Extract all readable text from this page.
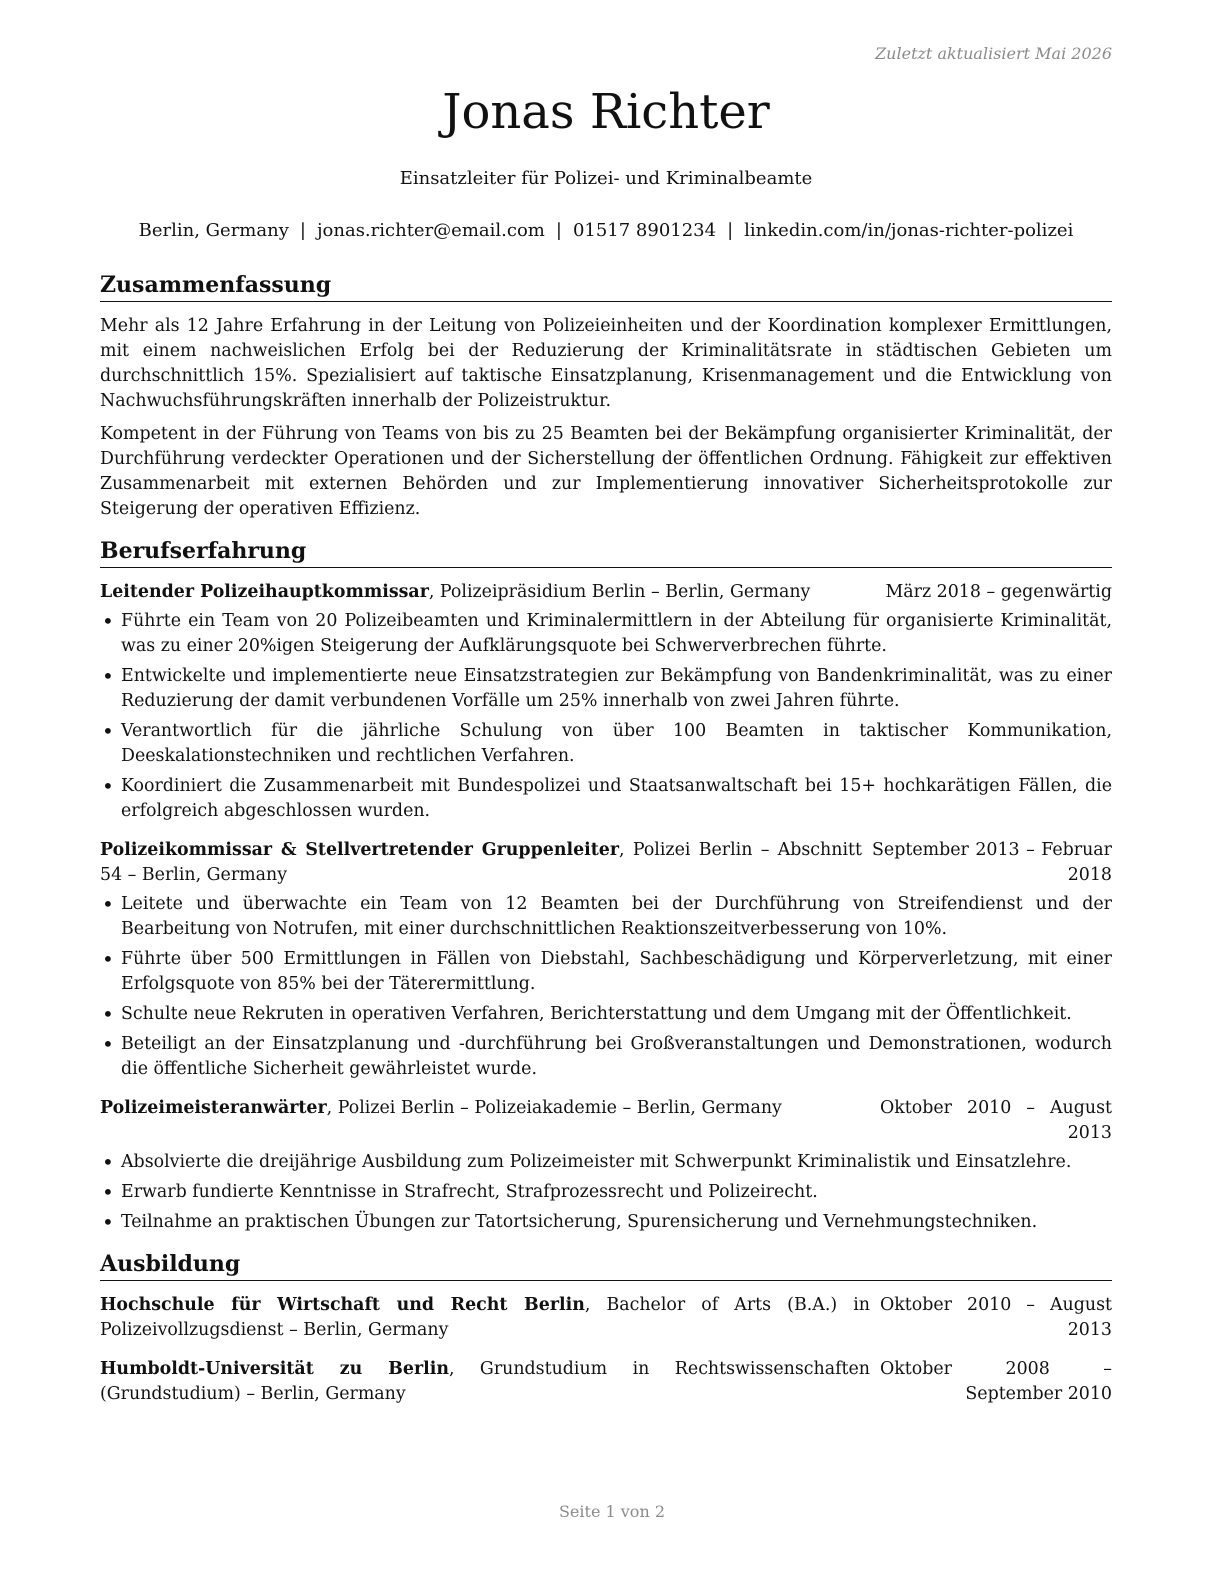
Zuletzt aktualisiert Mai 2026
Jonas Richter
Einsatzleiter für Polizei- und Kriminalbeamte
Berlin, Germany | jonas.richter@email.com | 01517 8901234 | linkedin.com/in/jonas-richter-polizei
Zusammenfassung

Mehr als 12 Jahre Erfahrung in der Leitung von Polizeieinheiten und der Koordination komplexer Ermittlungen, mit einem nachweislichen Erfolg bei der Reduzierung der Kriminalitätsrate in städtischen Gebieten um durchschnittlich 15%. Spezialisiert auf taktische Einsatzplanung, Krisenmanagement und die Entwicklung von Nachwuchsführungskräften innerhalb der Polizeistruktur.

Kompetent in der Führung von Teams von bis zu 25 Beamten bei der Bekämpfung organisierter Kriminalität, der Durchführung verdeckter Operationen und der Sicherstellung der öffentlichen Ordnung. Fähigkeit zur effektiven Zusammenarbeit mit externen Behörden und zur Implementierung innovativer Sicherheitsprotokolle zur Steigerung der operativen Effizienz.

Berufserfahrung
Leitender Polizeihauptkommissar, Polizeipräsidium Berlin – Berlin, Germany	März 2018 – gegenwärtig
• Führte ein Team von 20 Polizeibeamten und Kriminalermittlern in der Abteilung für organisierte Kriminalität, was zu einer 20%igen Steigerung der Aufklärungsquote bei Schwerverbrechen führte.
• Entwickelte und implementierte neue Einsatzstrategien zur Bekämpfung von Bandenkriminalität, was zu einer Reduzierung der damit verbundenen Vorfälle um 25% innerhalb von zwei Jahren führte.
• Verantwortlich für die jährliche Schulung von über 100 Beamten in taktischer Kommunikation, Deeskalationstechniken und rechtlichen Verfahren.
• Koordiniert die Zusammenarbeit mit Bundespolizei und Staatsanwaltschaft bei 15+ hochkarätigen Fällen, die erfolgreich abgeschlossen wurden.
Polizeikommissar & Stellvertretender Gruppenleiter, Polizei Berlin – Abschnitt 54 – Berlin, Germany
September 2013 – Februar 2018
• Leitete und überwachte ein Team von 12 Beamten bei der Durchführung von Streifendienst und der Bearbeitung von Notrufen, mit einer durchschnittlichen Reaktionszeitverbesserung von 10%.
• Führte über 500 Ermittlungen in Fällen von Diebstahl, Sachbeschädigung und Körperverletzung, mit einer Erfolgsquote von 85% bei der Täterermittlung.
• Schulte neue Rekruten in operativen Verfahren, Berichterstattung und dem Umgang mit der Öffentlichkeit.
• Beteiligt an der Einsatzplanung und -durchführung bei Großveranstaltungen und Demonstrationen, wodurch die öffentliche Sicherheit gewährleistet wurde.
Polizeimeisteranwärter, Polizei Berlin – Polizeiakademie – Berlin, Germany	Oktober 2010 – August 2013
• Absolvierte die dreijährige Ausbildung zum Polizeimeister mit Schwerpunkt Kriminalistik und Einsatzlehre.
• Erwarb fundierte Kenntnisse in Strafrecht, Strafprozessrecht und Polizeirecht.
• Teilnahme an praktischen Übungen zur Tatortsicherung, Spurensicherung und Vernehmungstechniken.
Ausbildung
Hochschule für Wirtschaft und Recht Berlin, Bachelor of Arts (B.A.) in Polizeivollzugsdienst – Berlin, Germany
Oktober 2010 – August 2013
Humboldt-Universität zu Berlin, Grundstudium in Rechtswissenschaften (Grundstudium) – Berlin, Germany
Oktober 2008 – September 2010
Seite 1 von 2
